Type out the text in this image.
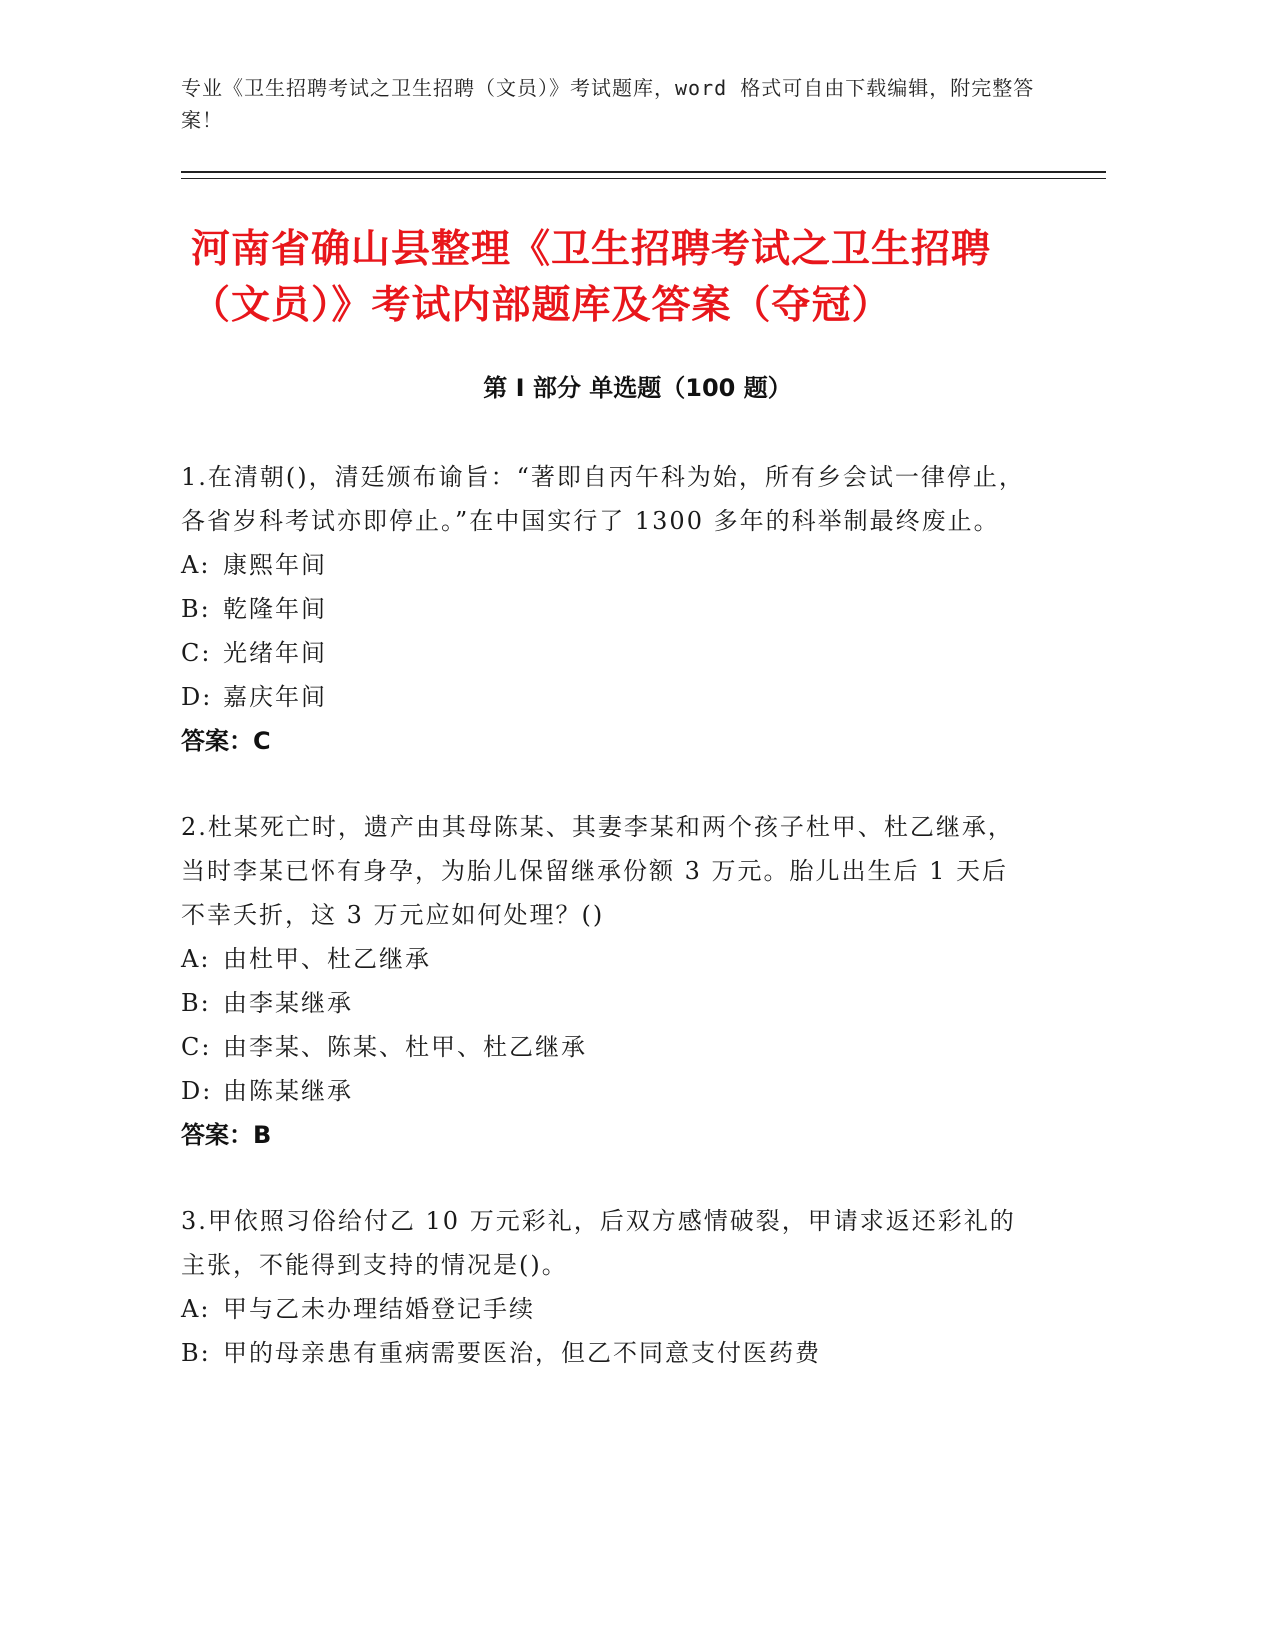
专业《卫生招聘考试之卫生招聘（文员）》考试题库，word 格式可自由下载编辑，附完整答案！
河南省确山县整理《卫生招聘考试之卫生招聘（文员）》考试内部题库及答案（夺冠）
第 I 部分 单选题（100 题）
1.在清朝()，清廷颁布谕旨：“著即自丙午科为始，所有乡会试一律停止，各省岁科考试亦即停止。”在中国实行了 1300 多年的科举制最终废止。
A: 康熙年间
B: 乾隆年间
C: 光绪年间
D: 嘉庆年间
答案：C
2.杜某死亡时，遗产由其母陈某、其妻李某和两个孩子杜甲、杜乙继承，当时李某已怀有身孕，为胎儿保留继承份额 3 万元。胎儿出生后 1 天后不幸夭折，这 3 万元应如何处理？()
A: 由杜甲、杜乙继承
B: 由李某继承
C: 由李某、陈某、杜甲、杜乙继承
D: 由陈某继承
答案：B
3.甲依照习俗给付乙 10 万元彩礼，后双方感情破裂，甲请求返还彩礼的主张，不能得到支持的情况是()。
A: 甲与乙未办理结婚登记手续
B: 甲的母亲患有重病需要医治，但乙不同意支付医药费
